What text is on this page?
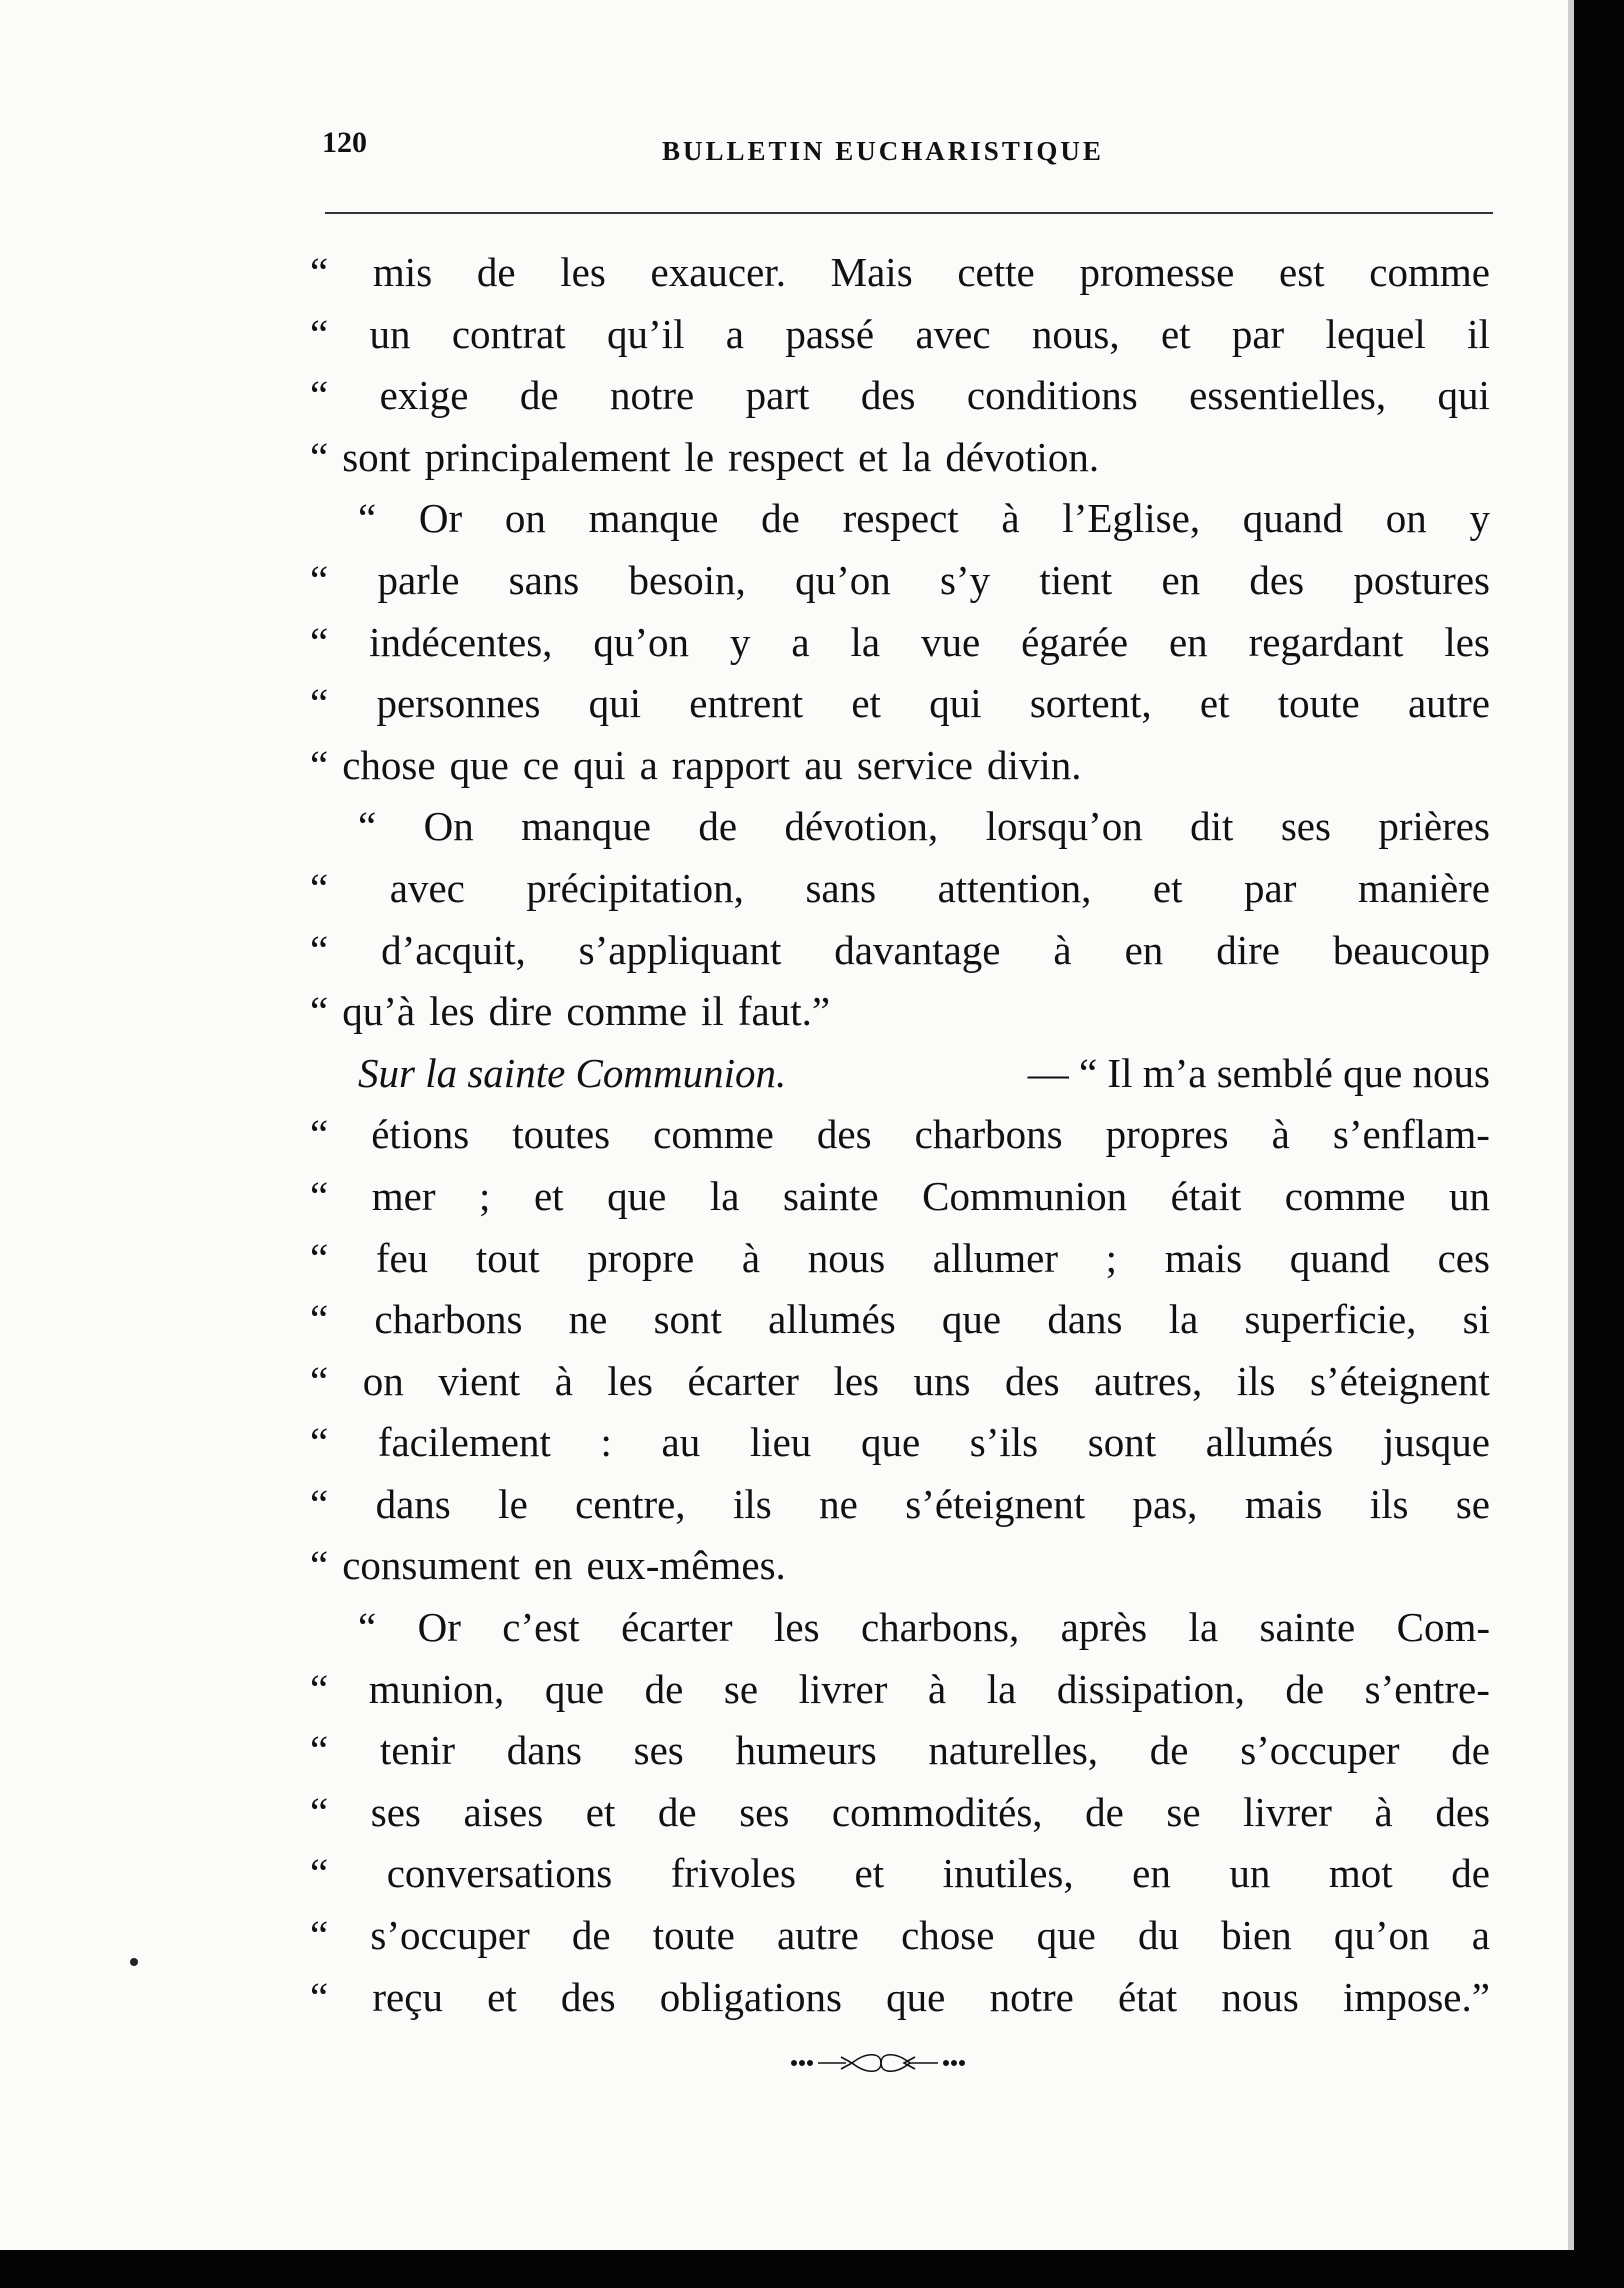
120	BULLETIN EUCHARISTIQUE
“ mis de les exaucer. Mais cette promesse est comme
“ un contrat qu’il a passé avec nous, et par lequel il
“ exige de notre part des conditions essentielles, qui
“ sont principalement le respect et la dévotion.
“ Or on manque de respect à l’Eglise, quand on y
“ parle sans besoin, qu’on s’y tient en des postures
“ indécentes, qu’on y a la vue égarée en regardant les
“ personnes qui entrent et qui sortent, et toute autre
“ chose que ce qui a rapport au service divin.
“ On manque de dévotion, lorsqu’on dit ses prières
“ avec précipitation, sans attention, et par manière
“ d’acquit, s’appliquant davantage à en dire beaucoup
“ qu’à les dire comme il faut.”
Sur la sainte Communion.	— “ Il m’a semblé que nous
“ étions toutes comme des charbons propres à s’enflam-
“ mer ; et que la sainte Communion était comme un
“ feu tout propre à nous allumer ; mais quand ces
“ charbons ne sont allumés que dans la superficie, si
“ on vient à les écarter les uns des autres, ils s’éteignent
“ facilement : au lieu que s’ils sont allumés jusque
“ dans le centre, ils ne s’éteignent pas, mais ils se
“ consument en eux-mêmes.
“ Or c’est écarter les charbons, après la sainte Com-
“ munion, que de se livrer à la dissipation, de s’entre-
“ tenir dans ses humeurs naturelles, de s’occuper de
“ ses aises et de ses commodités, de se livrer à des
“ conversations frivoles et inutiles, en un mot de
“ s’occuper de toute autre chose que du bien qu’on a
“ reçu et des obligations que notre état nous impose.”
